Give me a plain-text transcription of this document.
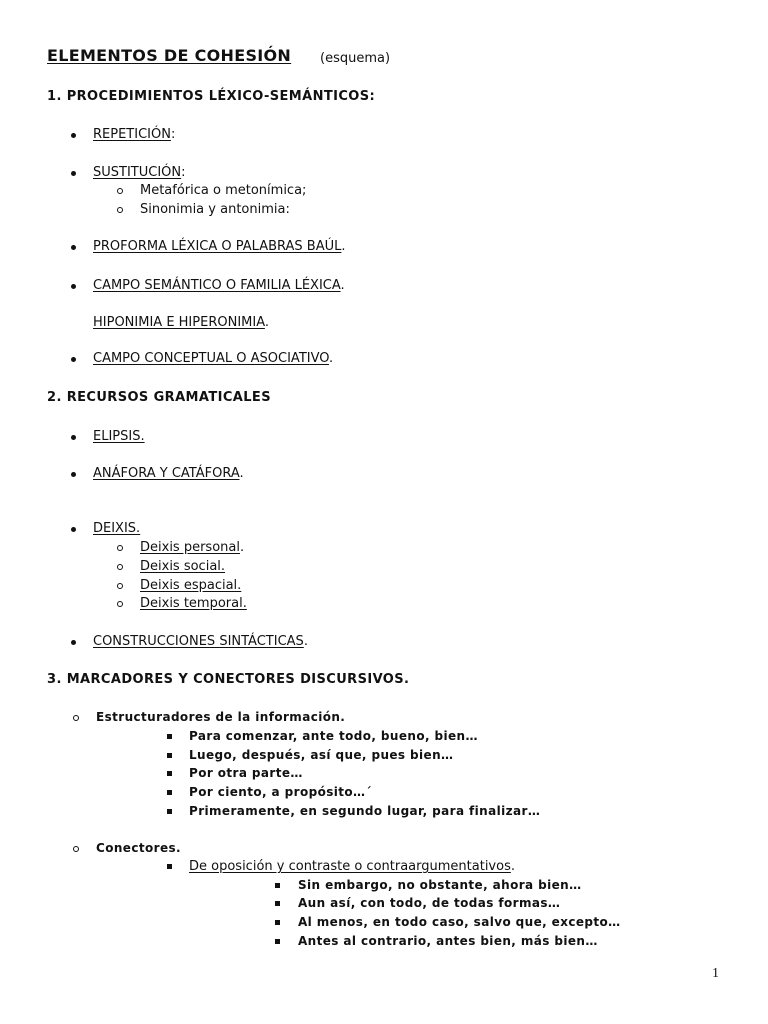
ELEMENTOS DE COHESIÓN (esquema)
1. PROCEDIMIENTOS LÉXICO-SEMÁNTICOS:
REPETICIÓN:
SUSTITUCIÓN:
Metafórica o metonímica;
Sinonimia y antonimia:
PROFORMA LÉXICA O PALABRAS BAÚL.
CAMPO SEMÁNTICO O FAMILIA LÉXICA.
HIPONIMIA E HIPERONIMIA.
CAMPO CONCEPTUAL O ASOCIATIVO.
2. RECURSOS GRAMATICALES
ELIPSIS.
ANÁFORA Y CATÁFORA.
DEIXIS.
Deixis personal.
Deixis social.
Deixis espacial.
Deixis temporal.
CONSTRUCCIONES SINTÁCTICAS.
3. MARCADORES Y CONECTORES DISCURSIVOS.
Estructuradores de la información.
Para comenzar, ante todo, bueno, bien…
Luego, después, así que, pues bien…
Por otra parte…
Por ciento, a propósito…´
Primeramente, en segundo lugar, para finalizar…
Conectores.
De oposición y contraste o contraargumentativos.
Sin embargo, no obstante, ahora bien…
Aun así, con todo, de todas formas…
Al menos, en todo caso, salvo que, excepto…
Antes al contrario, antes bien, más bien…
1
